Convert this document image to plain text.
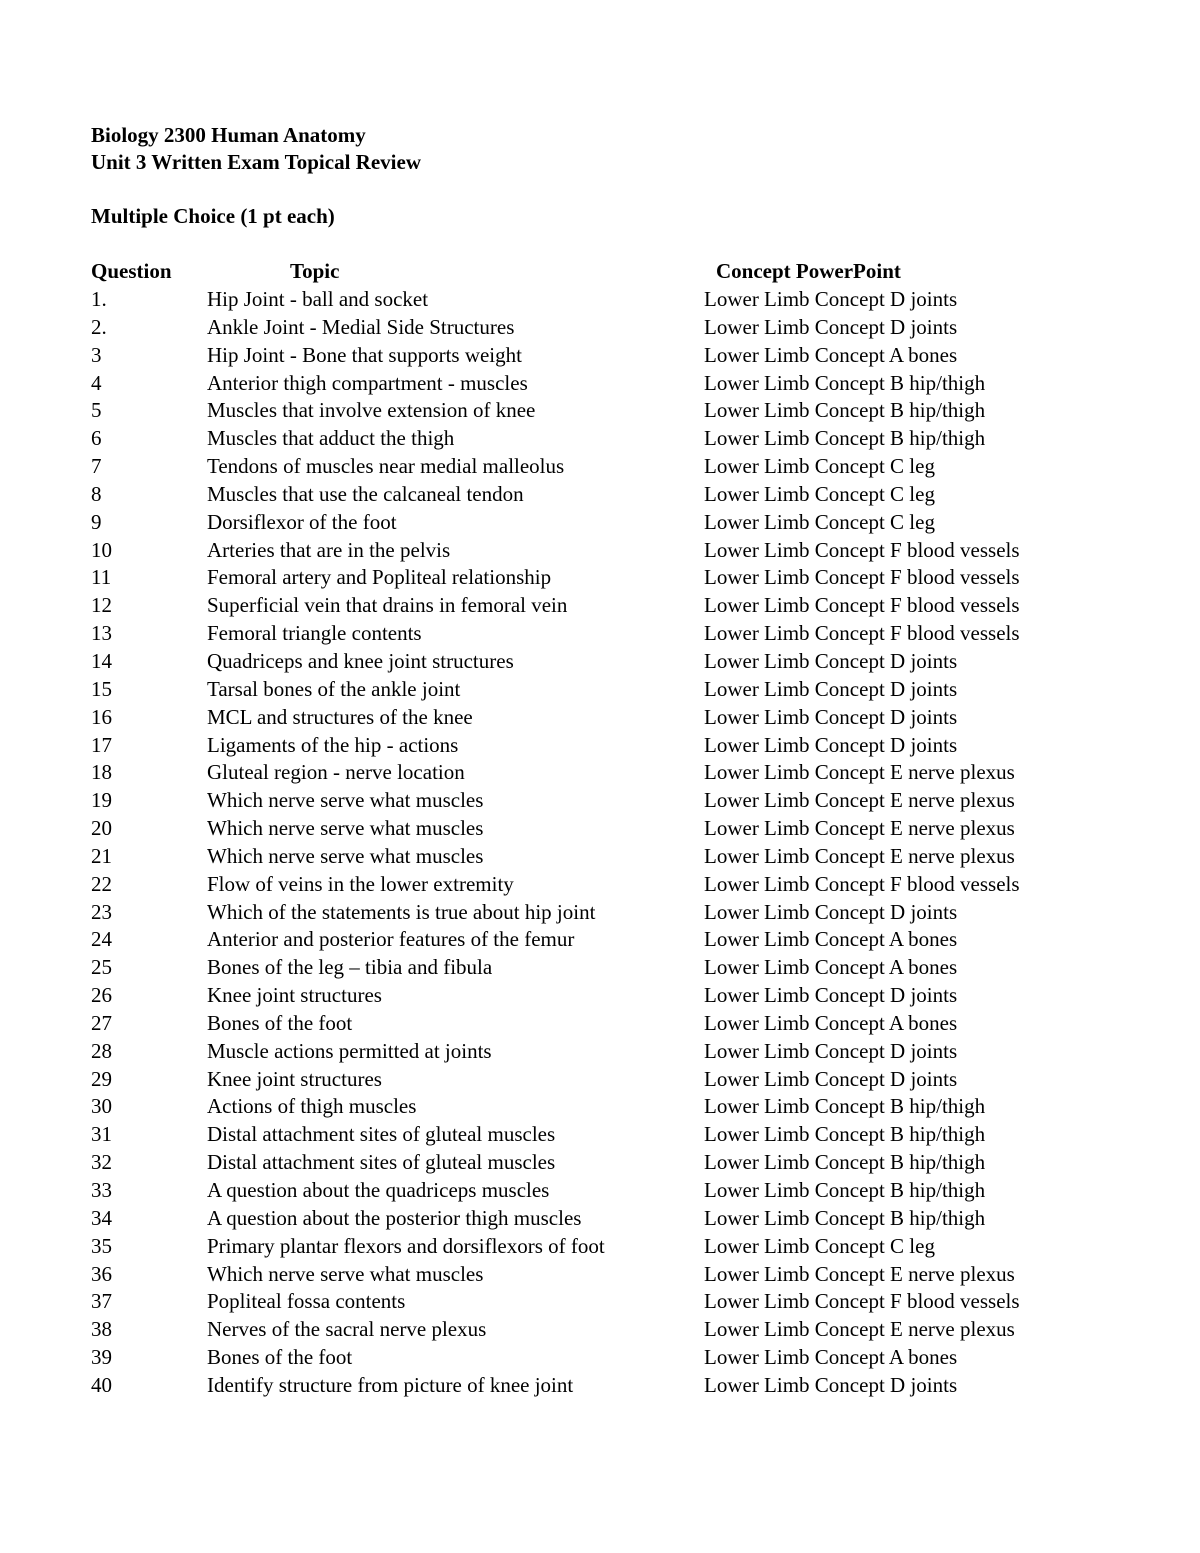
Biology 2300 Human Anatomy
Unit 3 Written Exam Topical Review
Multiple Choice (1 pt each)
Question	Topic	Concept PowerPoint
1.	Hip Joint - ball and socket	Lower Limb Concept D joints
2.	Ankle Joint - Medial Side Structures	Lower Limb Concept D joints
3	Hip Joint - Bone that supports weight	Lower Limb Concept A bones
4	Anterior thigh compartment - muscles	Lower Limb Concept B hip/thigh
5	Muscles that involve extension of knee	Lower Limb Concept B hip/thigh
6	Muscles that adduct the thigh	Lower Limb Concept B hip/thigh
7	Tendons of muscles near medial malleolus	Lower Limb Concept C leg
8	Muscles that use the calcaneal tendon	Lower Limb Concept C leg
9	Dorsiflexor of the foot	Lower Limb Concept C leg
10	Arteries that are in the pelvis	Lower Limb Concept F blood vessels
11	Femoral artery and Popliteal relationship	Lower Limb Concept F blood vessels
12	Superficial vein that drains in femoral vein	Lower Limb Concept F blood vessels
13	Femoral triangle contents	Lower Limb Concept F blood vessels
14	Quadriceps and knee joint structures	Lower Limb Concept D joints
15	Tarsal bones of the ankle joint	Lower Limb Concept D joints
16	MCL and structures of the knee	Lower Limb Concept D joints
17	Ligaments of the hip - actions	Lower Limb Concept D joints
18	Gluteal region - nerve location	Lower Limb Concept E nerve plexus
19	Which nerve serve what muscles	Lower Limb Concept E nerve plexus
20	Which nerve serve what muscles	Lower Limb Concept E nerve plexus
21	Which nerve serve what muscles	Lower Limb Concept E nerve plexus
22	Flow of veins in the lower extremity	Lower Limb Concept F blood vessels
23	Which of the statements is true about hip joint	Lower Limb Concept D joints
24	Anterior and posterior features of the femur	Lower Limb Concept A bones
25	Bones of the leg – tibia and fibula	Lower Limb Concept A bones
26	Knee joint structures	Lower Limb Concept D joints
27	Bones of the foot	Lower Limb Concept A bones
28	Muscle actions permitted at joints	Lower Limb Concept D joints
29	Knee joint structures	Lower Limb Concept D joints
30	Actions of thigh muscles	Lower Limb Concept B hip/thigh
31	Distal attachment sites of gluteal muscles	Lower Limb Concept B hip/thigh
32	Distal attachment sites of gluteal muscles	Lower Limb Concept B hip/thigh
33	A question about the quadriceps muscles	Lower Limb Concept B hip/thigh
34	A question about the posterior thigh muscles	Lower Limb Concept B hip/thigh
35	Primary plantar flexors and dorsiflexors of foot	Lower Limb Concept C leg
36	Which nerve serve what muscles	Lower Limb Concept E nerve plexus
37	Popliteal fossa contents	Lower Limb Concept F blood vessels
38	Nerves of the sacral nerve plexus	Lower Limb Concept E nerve plexus
39	Bones of the foot	Lower Limb Concept A bones
40	Identify structure from picture of knee joint	Lower Limb Concept D joints
